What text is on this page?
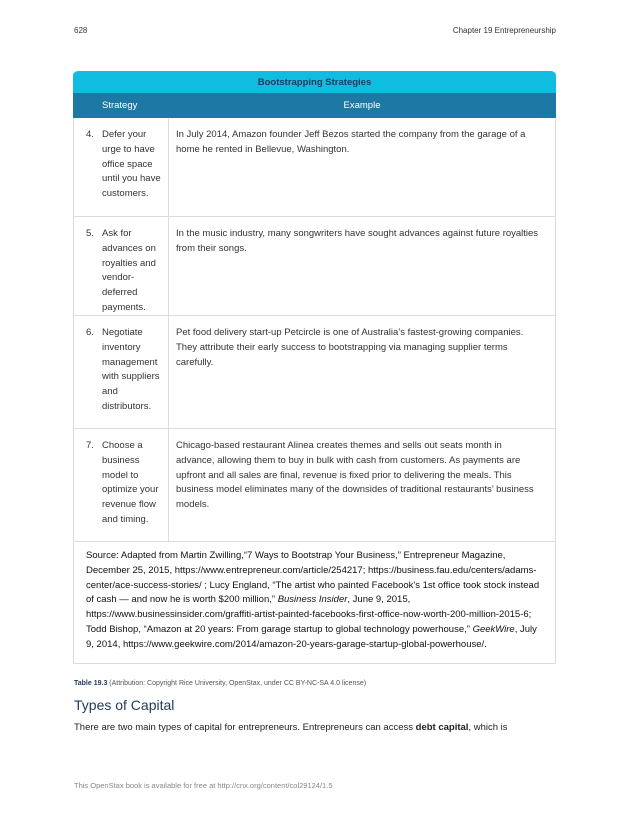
628	Chapter 19 Entrepreneurship
Bootstrapping Strategies
Strategy	Example
4. Defer your urge to have office space until you have customers.
In July 2014, Amazon founder Jeff Bezos started the company from the garage of a home he rented in Bellevue, Washington.
5. Ask for advances on royalties and vendor-deferred payments.
In the music industry, many songwriters have sought advances against future royalties from their songs.
6. Negotiate inventory management with suppliers and distributors.
Pet food delivery start-up Petcircle is one of Australia’s fastest-growing companies. They attribute their early success to bootstrapping via managing supplier terms carefully.
7. Choose a business model to optimize your revenue flow and timing.
Chicago-based restaurant Alinea creates themes and sells out seats month in advance, allowing them to buy in bulk with cash from customers. As payments are upfront and all sales are final, revenue is fixed prior to delivering the meals. This business model eliminates many of the downsides of traditional restaurants’ business models.
Source: Adapted from Martin Zwilling,“7 Ways to Bootstrap Your Business,” Entrepreneur Magazine, December 25, 2015, https://www.entrepreneur.com/article/254217; https://business.fau.edu/centers/adams-center/ace-success-stories/ ; Lucy England, “The artist who painted Facebook's 1st office took stock instead of cash — and now he is worth $200 million,” Business Insider, June 9, 2015, https://www.businessinsider.com/graffiti-artist-painted-facebooks-first-office-now-worth-200-million-2015-6; Todd Bishop, “Amazon at 20 years: From garage startup to global technology powerhouse,” GeekWire, July 9, 2014, https://www.geekwire.com/2014/amazon-20-years-garage-startup-global-powerhouse/.
Table 19.3 (Attribution: Copyright Rice University, OpenStax, under CC BY-NC-SA 4.0 license)
Types of Capital
There are two main types of capital for entrepreneurs. Entrepreneurs can access debt capital, which is
This OpenStax book is available for free at http://cnx.org/content/col29124/1.5
